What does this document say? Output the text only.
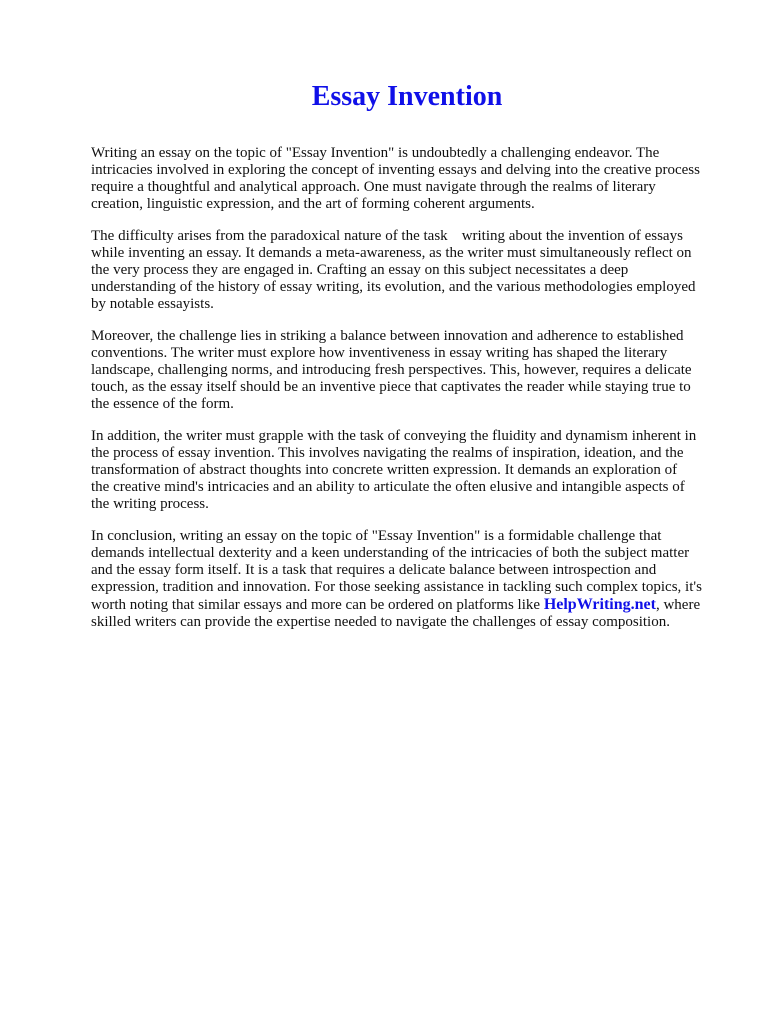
Essay Invention

Writing an essay on the topic of "Essay Invention" is undoubtedly a challenging endeavor. The
intricacies involved in exploring the concept of inventing essays and delving into the creative process
require a thoughtful and analytical approach. One must navigate through the realms of literary
creation, linguistic expression, and the art of forming coherent arguments.

The difficulty arises from the paradoxical nature of the task writing about the invention of essays
while inventing an essay. It demands a meta-awareness, as the writer must simultaneously reflect on
the very process they are engaged in. Crafting an essay on this subject necessitates a deep
understanding of the history of essay writing, its evolution, and the various methodologies employed
by notable essayists.

Moreover, the challenge lies in striking a balance between innovation and adherence to established
conventions. The writer must explore how inventiveness in essay writing has shaped the literary
landscape, challenging norms, and introducing fresh perspectives. This, however, requires a delicate
touch, as the essay itself should be an inventive piece that captivates the reader while staying true to
the essence of the form.

In addition, the writer must grapple with the task of conveying the fluidity and dynamism inherent in
the process of essay invention. This involves navigating the realms of inspiration, ideation, and the
transformation of abstract thoughts into concrete written expression. It demands an exploration of
the creative mind's intricacies and an ability to articulate the often elusive and intangible aspects of
the writing process.

In conclusion, writing an essay on the topic of "Essay Invention" is a formidable challenge that
demands intellectual dexterity and a keen understanding of the intricacies of both the subject matter
and the essay form itself. It is a task that requires a delicate balance between introspection and
expression, tradition and innovation. For those seeking assistance in tackling such complex topics, it's
worth noting that similar essays and more can be ordered on platforms like HelpWriting.net, where
skilled writers can provide the expertise needed to navigate the challenges of essay composition.
